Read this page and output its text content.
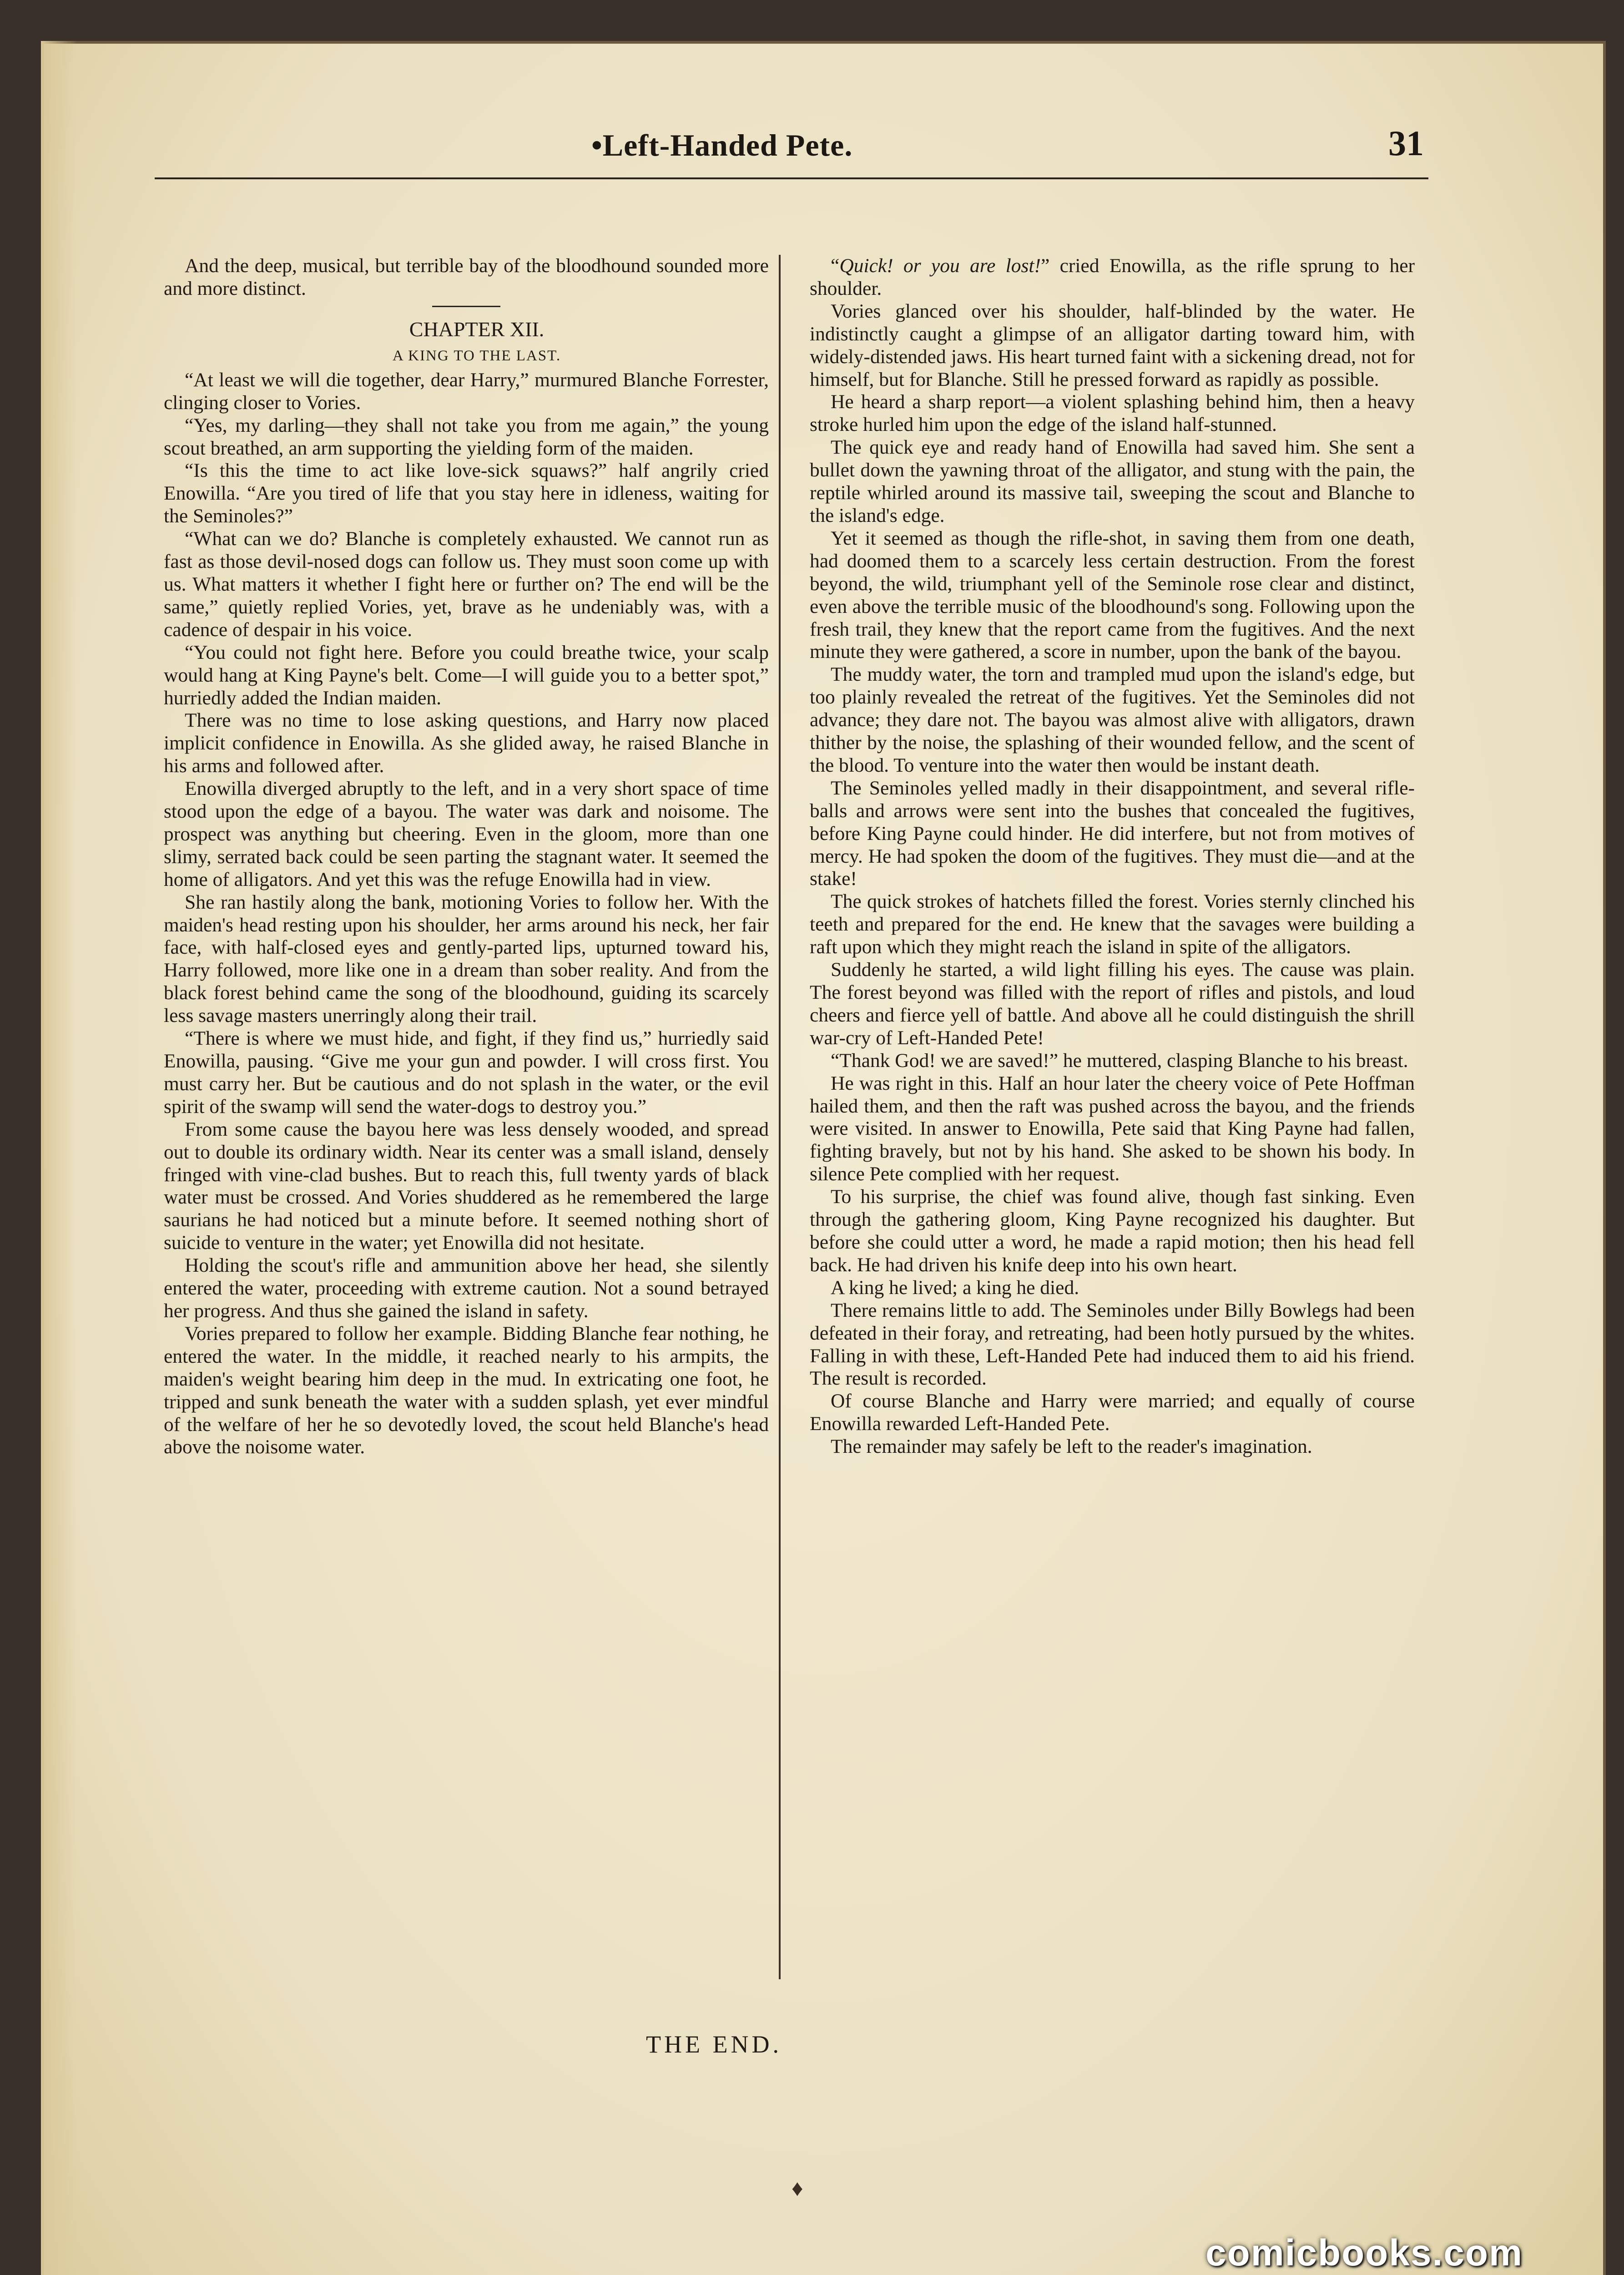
•Left-Handed Pete.	31

And the deep, musical, but terrible bay of the bloodhound sounded more and more distinct.

CHAPTER XII.

A KING TO THE LAST.

“At least we will die together, dear Harry,” murmured Blanche Forrester, clinging closer to Vories.

“Yes, my darling—they shall not take you from me again,” the young scout breathed, an arm supporting the yielding form of the maiden.

“Is this the time to act like love-sick squaws?” half angrily cried Enowilla. “Are you tired of life that you stay here in idleness, waiting for the Seminoles?”

“What can we do? Blanche is completely exhausted. We cannot run as fast as those devil-nosed dogs can follow us. They must soon come up with us. What matters it whether I fight here or further on? The end will be the same,” quietly replied Vories, yet, brave as he undeniably was, with a cadence of despair in his voice.

“You could not fight here. Before you could breathe twice, your scalp would hang at King Payne's belt. Come—I will guide you to a better spot,” hurriedly added the Indian maiden.

There was no time to lose asking questions, and Harry now placed implicit confidence in Enowilla. As she glided away, he raised Blanche in his arms and followed after.

Enowilla diverged abruptly to the left, and in a very short space of time stood upon the edge of a bayou. The water was dark and noisome. The prospect was anything but cheering. Even in the gloom, more than one slimy, serrated back could be seen parting the stagnant water. It seemed the home of alligators. And yet this was the refuge Enowilla had in view.

She ran hastily along the bank, motioning Vories to follow her. With the maiden's head resting upon his shoulder, her arms around his neck, her fair face, with half-closed eyes and gently-parted lips, upturned toward his, Harry followed, more like one in a dream than sober reality. And from the black forest behind came the song of the bloodhound, guiding its scarcely less savage masters unerringly along their trail.

“There is where we must hide, and fight, if they find us,” hurriedly said Enowilla, pausing. “Give me your gun and powder. I will cross first. You must carry her. But be cautious and do not splash in the water, or the evil spirit of the swamp will send the water-dogs to destroy you.”

From some cause the bayou here was less densely wooded, and spread out to double its ordinary width. Near its center was a small island, densely fringed with vine-clad bushes. But to reach this, full twenty yards of black water must be crossed. And Vories shuddered as he remembered the large saurians he had noticed but a minute before. It seemed nothing short of suicide to venture in the water; yet Enowilla did not hesitate.

Holding the scout's rifle and ammunition above her head, she silently entered the water, proceeding with extreme caution. Not a sound betrayed her progress. And thus she gained the island in safety.

Vories prepared to follow her example. Bidding Blanche fear nothing, he entered the water. In the middle, it reached nearly to his armpits, the maiden's weight bearing him deep in the mud. In extricating one foot, he tripped and sunk beneath the water with a sudden splash, yet ever mindful of the welfare of her he so devotedly loved, the scout held Blanche's head above the noisome water.

“Quick! or you are lost!” cried Enowilla, as the rifle sprung to her shoulder.

Vories glanced over his shoulder, half-blinded by the water. He indistinctly caught a glimpse of an alligator darting toward him, with widely-distended jaws. His heart turned faint with a sickening dread, not for himself, but for Blanche. Still he pressed forward as rapidly as possible.

He heard a sharp report—a violent splashing behind him, then a heavy stroke hurled him upon the edge of the island half-stunned.

The quick eye and ready hand of Enowilla had saved him. She sent a bullet down the yawning throat of the alligator, and stung with the pain, the reptile whirled around its massive tail, sweeping the scout and Blanche to the island's edge.

Yet it seemed as though the rifle-shot, in saving them from one death, had doomed them to a scarcely less certain destruction. From the forest beyond, the wild, triumphant yell of the Seminole rose clear and distinct, even above the terrible music of the bloodhound's song. Following upon the fresh trail, they knew that the report came from the fugitives. And the next minute they were gathered, a score in number, upon the bank of the bayou.

The muddy water, the torn and trampled mud upon the island's edge, but too plainly revealed the retreat of the fugitives. Yet the Seminoles did not advance; they dare not. The bayou was almost alive with alligators, drawn thither by the noise, the splashing of their wounded fellow, and the scent of the blood. To venture into the water then would be instant death.

The Seminoles yelled madly in their disappointment, and several rifle-balls and arrows were sent into the bushes that concealed the fugitives, before King Payne could hinder. He did interfere, but not from motives of mercy. He had spoken the doom of the fugitives. They must die—and at the stake!

The quick strokes of hatchets filled the forest. Vories sternly clinched his teeth and prepared for the end. He knew that the savages were building a raft upon which they might reach the island in spite of the alligators.

Suddenly he started, a wild light filling his eyes. The cause was plain. The forest beyond was filled with the report of rifles and pistols, and loud cheers and fierce yell of battle. And above all he could distinguish the shrill war-cry of Left-Handed Pete!

“Thank God! we are saved!” he muttered, clasping Blanche to his breast.

He was right in this. Half an hour later the cheery voice of Pete Hoffman hailed them, and then the raft was pushed across the bayou, and the friends were visited. In answer to Enowilla, Pete said that King Payne had fallen, fighting bravely, but not by his hand. She asked to be shown his body. In silence Pete complied with her request.

To his surprise, the chief was found alive, though fast sinking. Even through the gathering gloom, King Payne recognized his daughter. But before she could utter a word, he made a rapid motion; then his head fell back. He had driven his knife deep into his own heart.

A king he lived; a king he died.

There remains little to add. The Seminoles under Billy Bowlegs had been defeated in their foray, and retreating, had been hotly pursued by the whites. Falling in with these, Left-Handed Pete had induced them to aid his friend. The result is recorded.

Of course Blanche and Harry were married; and equally of course Enowilla rewarded Left-Handed Pete.

The remainder may safely be left to the reader's imagination.

THE END.
♦
comicbooks.com
